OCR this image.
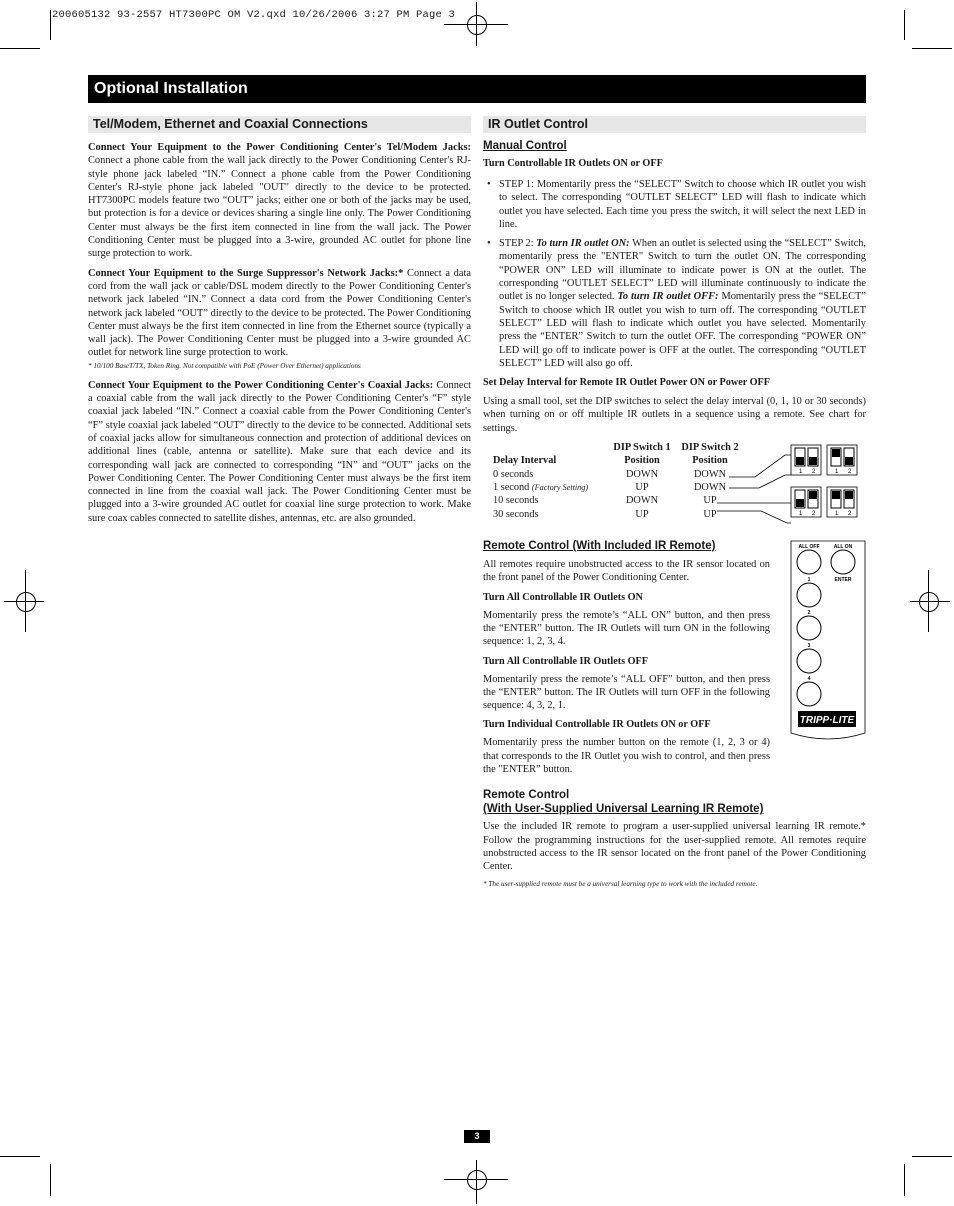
200605132 93-2557 HT7300PC OM V2.qxd 10/26/2006 3:27 PM Page 3
Optional Installation
Tel/Modem, Ethernet and Coaxial Connections

Connect Your Equipment to the Power Conditioning Center's Tel/Modem Jacks: Connect a phone cable from the wall jack directly to the Power Conditioning Center's RJ-style phone jack labeled “IN.” Connect a phone cable from the Power Conditioning Center's RJ-style phone jack labeled "OUT" directly to the device to be protected. HT7300PC models feature two “OUT” jacks; either one or both of the jacks may be used, but protection is for a device or devices sharing a single line only. The Power Conditioning Center must always be the first item connected in line from the wall jack. The Power Conditioning Center must be plugged into a 3-wire, grounded AC outlet for phone line surge protection to work.

Connect Your Equipment to the Surge Suppressor's Network Jacks:* Connect a data cord from the wall jack or cable/DSL modem directly to the Power Conditioning Center's network jack labeled “IN.” Connect a data cord from the Power Conditioning Center's network jack labeled “OUT” directly to the device to be protected. The Power Conditioning Center must always be the first item connected in line from the Ethernet source (typically a wall jack). The Power Conditioning Center must be plugged into a 3-wire grounded AC outlet for network line surge protection to work.

* 10/100 BaseT/TX, Token Ring. Not compatible with PoE (Power Over Ethernet) applications

Connect Your Equipment to the Power Conditioning Center's Coaxial Jacks: Connect a coaxial cable from the wall jack directly to the Power Conditioning Center's “F” style coaxial jack labeled “IN.” Connect a coaxial cable from the Power Conditioning Center's “F” style coaxial jack labeled “OUT” directly to the device to be connected. Additional sets of coaxial jacks allow for simultaneous connection and protection of additional devices on additional lines (cable, antenna or satellite). Make sure that each device and its corresponding wall jack are connected to corresponding “IN” and “OUT” jacks on the Power Conditioning Center. The Power Conditioning Center must always be the first item connected in line from the coaxial wall jack. The Power Conditioning Center must be plugged into a 3-wire grounded AC outlet for coaxial line surge protection to work. Make sure coax cables connected to satellite dishes, antennas, etc. are also grounded.

IR Outlet Control
Manual Control
Turn Controllable IR Outlets ON or OFF
• STEP 1: Momentarily press the “SELECT” Switch to choose which IR outlet you wish to select. The corresponding “OUTLET SELECT” LED will flash to indicate which outlet you have selected. Each time you press the switch, it will select the next LED in line.
• STEP 2: To turn IR outlet ON: When an outlet is selected using the “SELECT” Switch, momentarily press the "ENTER" Switch to turn the outlet ON. The corresponding “POWER ON” LED will illuminate to indicate power is ON at the outlet. The corresponding “OUTLET SELECT” LED will illuminate continuously to indicate the outlet is no longer selected. To turn IR outlet OFF: Momentarily press the “SELECT” Switch to choose which IR outlet you wish to turn off. The corresponding “OUTLET SELECT” LED will flash to indicate which outlet you have selected. Momentarily press the “ENTER” Switch to turn the outlet OFF. The corresponding “POWER ON” LED will go off to indicate power is OFF at the outlet. The corresponding “OUTLET SELECT” LED will also go off.
Set Delay Interval for Remote IR Outlet Power ON or Power OFF

Using a small tool, set the DIP switches to select the delay interval (0, 1, 10 or 30 seconds) when turning on or off multiple IR outlets in a sequence using a remote. See chart for settings.

	DIP Switch 1	DIP Switch 2
Delay Interval	Position	Position
0 seconds	DOWN	DOWN
1 second (Factory Setting)	UP	DOWN
10 seconds	DOWN	UP
30 seconds	UP	UP
1 2	1 2
1 2	1 2
Remote Control (With Included IR Remote)

All remotes require unobstructed access to the IR sensor located on the front panel of the Power Conditioning Center.

Turn All Controllable IR Outlets ON

Momentarily press the remote’s “ALL ON” button, and then press the “ENTER” button. The IR Outlets will turn ON in the following sequence: 1, 2, 3, 4.

Turn All Controllable IR Outlets OFF

Momentarily press the remote’s “ALL OFF” button, and then press the “ENTER” button. The IR Outlets will turn OFF in the following sequence: 4, 3, 2, 1.

Turn Individual Controllable IR Outlets ON or OFF

Momentarily press the number button on the remote (1, 2, 3 or 4) that corresponds to the IR Outlet you wish to control, and then press the "ENTER” button.

ALL OFF	ALL ON
1	ENTER
2
3
4
TRIPP·LITE
Remote Control
(With User-Supplied Universal Learning IR Remote)

Use the included IR remote to program a user-supplied universal learning IR remote.* Follow the programming instructions for the user-supplied remote. All remotes require unobstructed access to the IR sensor located on the front panel of the Power Conditioning Center.

* The user-supplied remote must be a universal learning type to work with the included remote.
3
